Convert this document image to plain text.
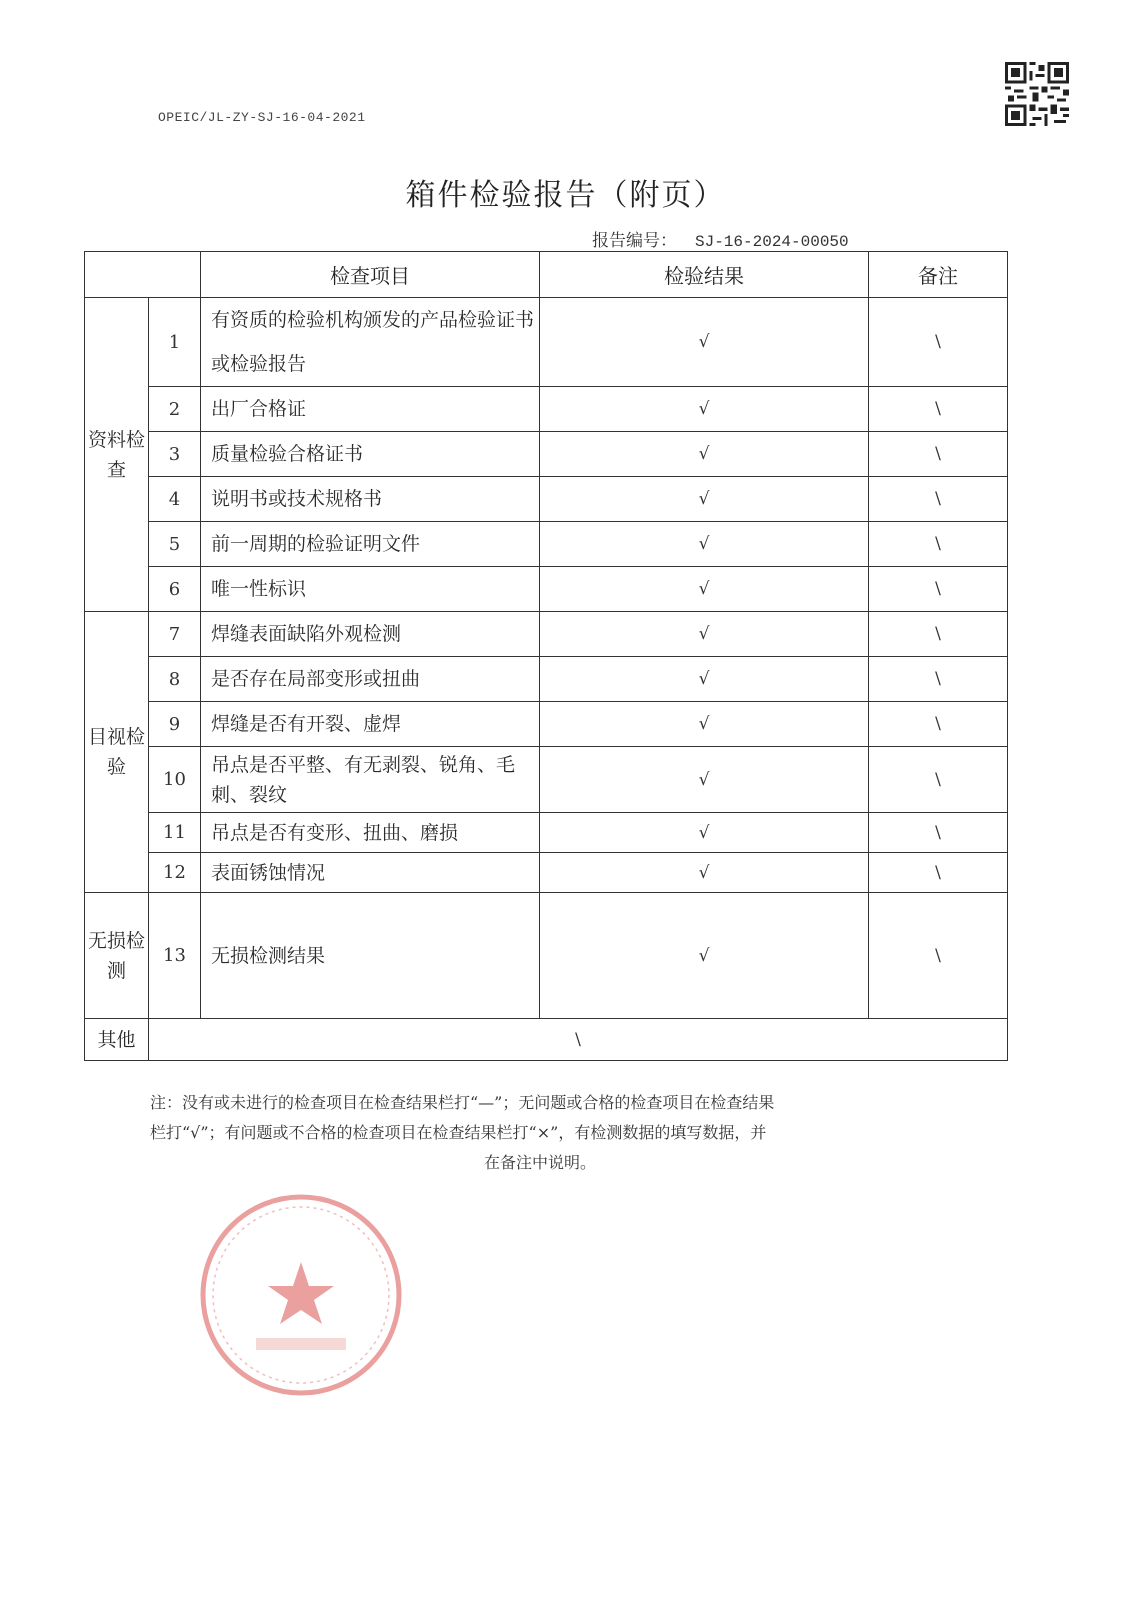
OPEIC/JL-ZY-SJ-16-04-2021
箱件检验报告（附页）
报告编号： SJ-16-2024-00050
		检查项目	检验结果	备注
资料检查	1	有资质的检验机构颁发的产品检验证书或检验报告	√	\
	2	出厂合格证	√	\
	3	质量检验合格证书	√	\
	4	说明书或技术规格书	√	\
	5	前一周期的检验证明文件	√	\
	6	唯一性标识	√	\
目视检验	7	焊缝表面缺陷外观检测	√	\
	8	是否存在局部变形或扭曲	√	\
	9	焊缝是否有开裂、虚焊	√	\
	10	吊点是否平整、有无剥裂、锐角、毛刺、裂纹	√	\
	11	吊点是否有变形、扭曲、磨损	√	\
	12	表面锈蚀情况	√	\
无损检测	13	无损检测结果	√	\
其他	\			
注：没有或未进行的检查项目在检查结果栏打“—”；无问题或合格的检查项目在检查结果
栏打“√”；有问题或不合格的检查项目在检查结果栏打“×”，有检测数据的填写数据，并

在备注中说明。
